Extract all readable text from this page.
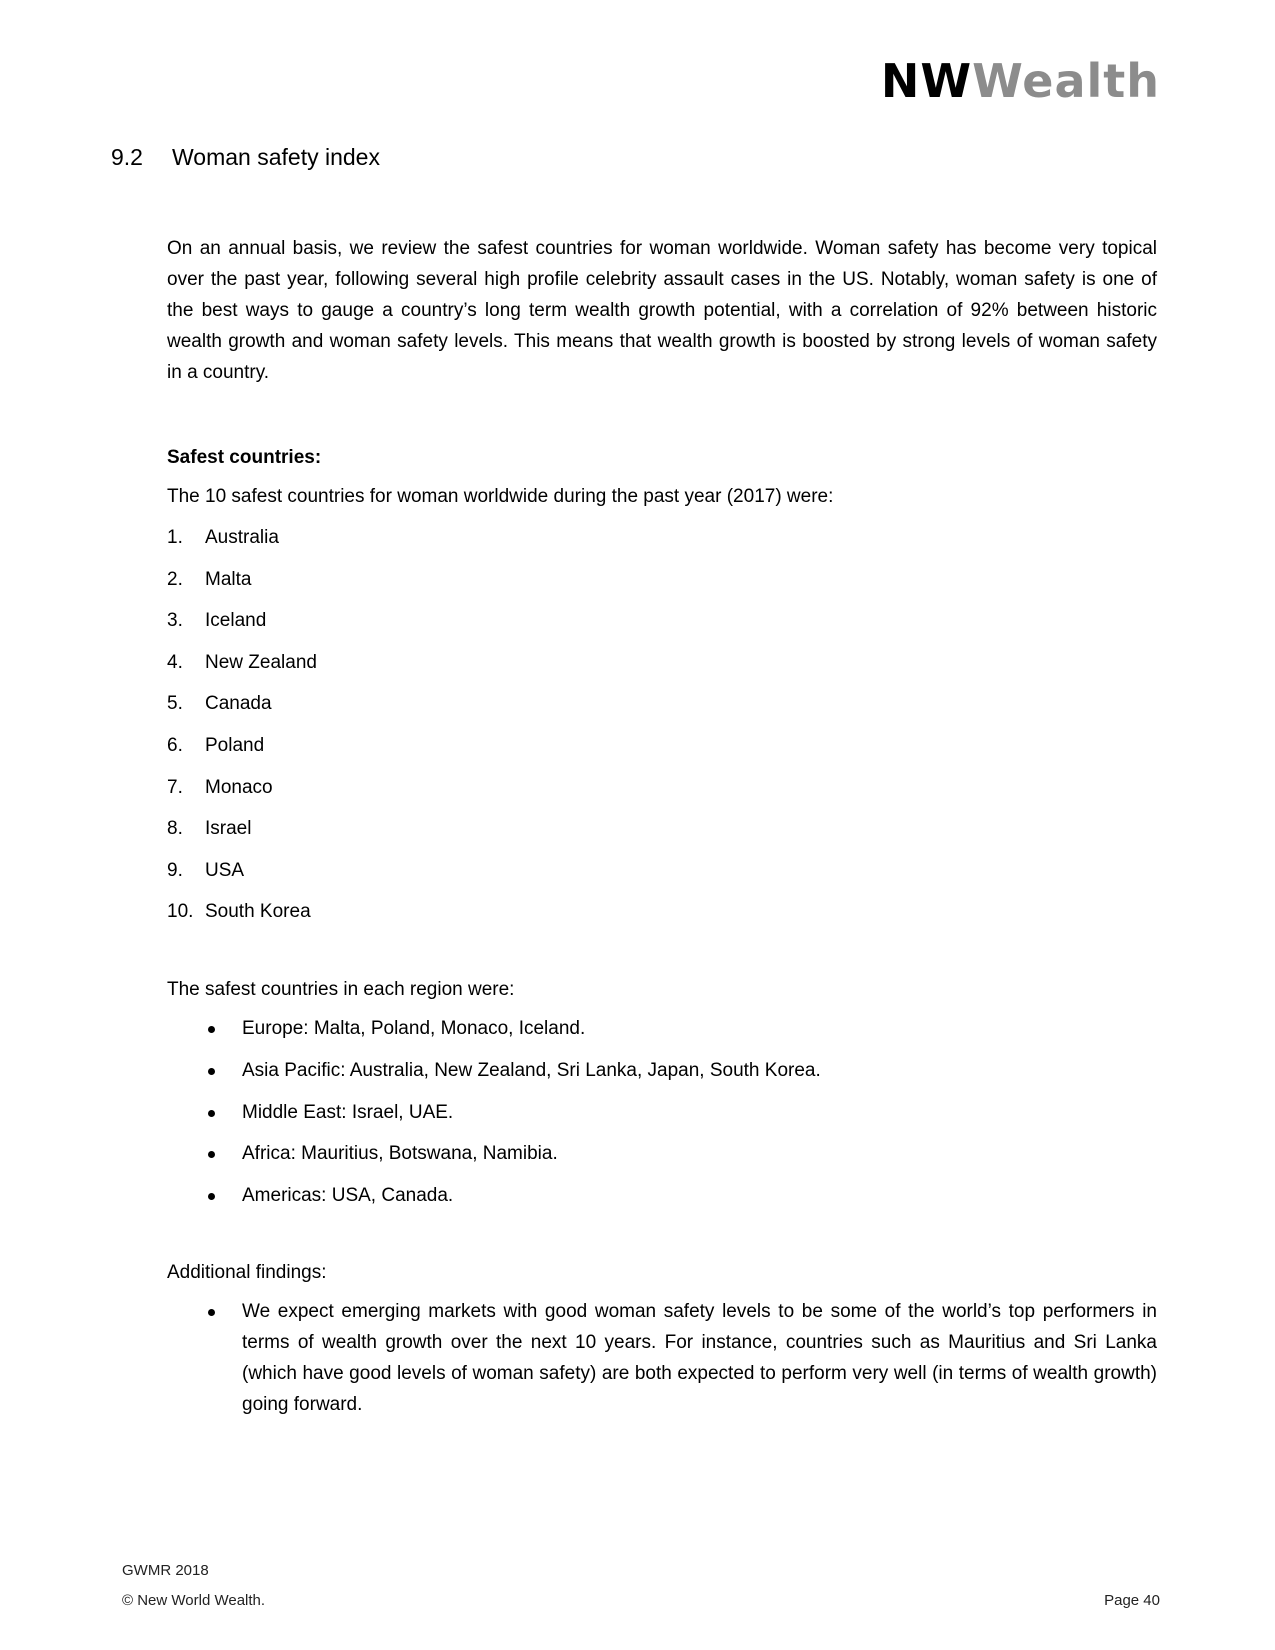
NWWealth
9.2 Woman safety index

On an annual basis, we review the safest countries for woman worldwide. Woman safety has become very topical over the past year, following several high profile celebrity assault cases in the US. Notably, woman safety is one of the best ways to gauge a country’s long term wealth growth potential, with a correlation of 92% between historic wealth growth and woman safety levels. This means that wealth growth is boosted by strong levels of woman safety in a country.

Safest countries:

The 10 safest countries for woman worldwide during the past year (2017) were:

1.	Australia
2.	Malta
3.	Iceland
4.	New Zealand
5.	Canada
6.	Poland
7.	Monaco
8.	Israel
9.	USA
10. South Korea

The safest countries in each region were:

Europe: Malta, Poland, Monaco, Iceland.
Asia Pacific: Australia, New Zealand, Sri Lanka, Japan, South Korea.
Middle East: Israel, UAE.
Africa: Mauritius, Botswana, Namibia.
Americas: USA, Canada.

Additional findings:

We expect emerging markets with good woman safety levels to be some of the world’s top performers in terms of wealth growth over the next 10 years. For instance, countries such as Mauritius and Sri Lanka (which have good levels of woman safety) are both expected to perform very well (in terms of wealth growth) going forward.
GWMR 2018
© New World Wealth.	Page 40
